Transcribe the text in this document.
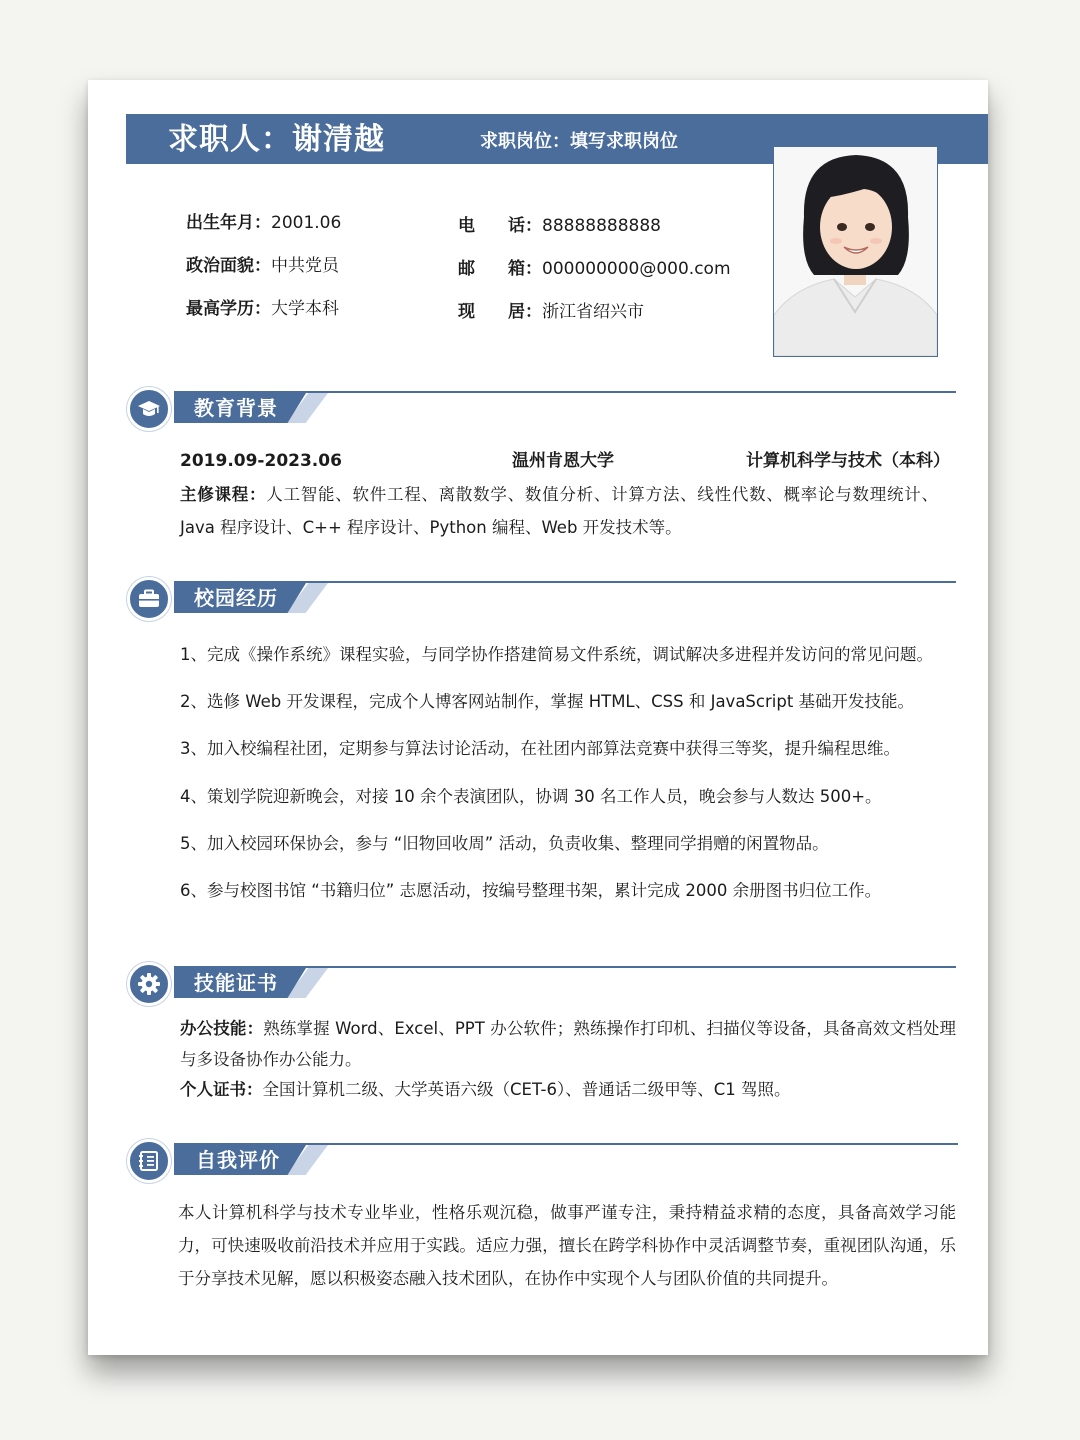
求职人：谢清越	求职岗位：填写求职岗位
出生年月：2001.06
政治面貌：中共党员
最高学历：大学本科
电 话：88888888888
邮 箱：000000000@000.com
现 居：浙江省绍兴市
教育背景
2019.09-2023.06	温州肯恩大学	计算机科学与技术（本科）
主修课程：人工智能、软件工程、离散数学、数值分析、计算方法、线性代数、概率论与数理统计、Java 程序设计、C++ 程序设计、Python 编程、Web 开发技术等。
校园经历
1、完成《操作系统》课程实验，与同学协作搭建简易文件系统，调试解决多进程并发访问的常见问题。
2、选修 Web 开发课程，完成个人博客网站制作，掌握 HTML、CSS 和 JavaScript 基础开发技能。
3、加入校编程社团，定期参与算法讨论活动，在社团内部算法竞赛中获得三等奖，提升编程思维。
4、策划学院迎新晚会，对接 10 余个表演团队，协调 30 名工作人员，晚会参与人数达 500+。
5、加入校园环保协会，参与 “旧物回收周” 活动，负责收集、整理同学捐赠的闲置物品。
6、参与校图书馆 “书籍归位” 志愿活动，按编号整理书架，累计完成 2000 余册图书归位工作。
技能证书
办公技能：熟练掌握 Word、Excel、PPT 办公软件；熟练操作打印机、扫描仪等设备，具备高效文档处理与多设备协作办公能力。
个人证书：全国计算机二级、大学英语六级（CET-6）、普通话二级甲等、C1 驾照。
自我评价
本人计算机科学与技术专业毕业，性格乐观沉稳，做事严谨专注，秉持精益求精的态度，具备高效学习能力，可快速吸收前沿技术并应用于实践。适应力强，擅长在跨学科协作中灵活调整节奏，重视团队沟通，乐于分享技术见解，愿以积极姿态融入技术团队，在协作中实现个人与团队价值的共同提升。
